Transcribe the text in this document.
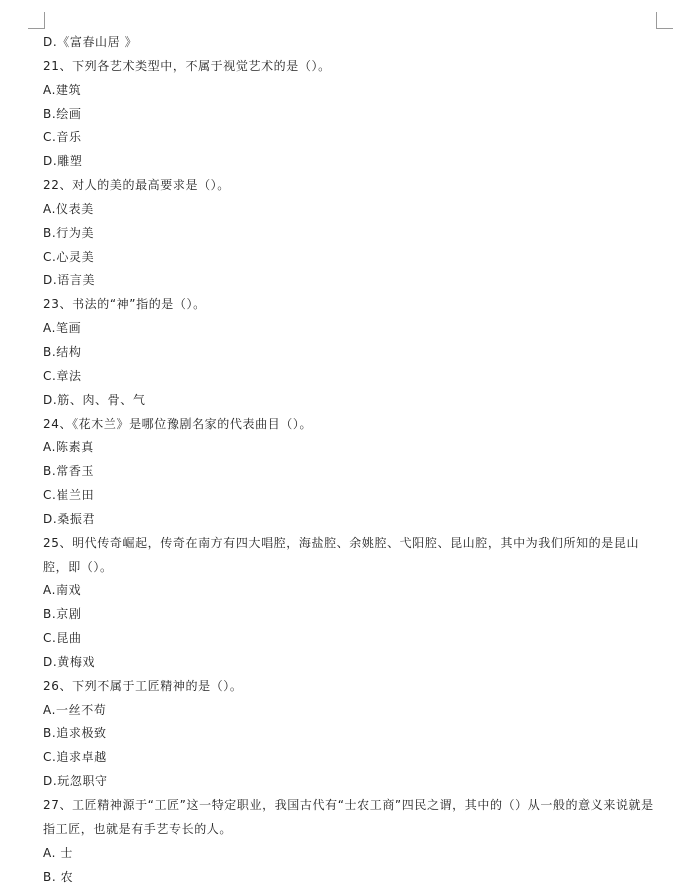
D.《富春山居 》
21、下列各艺术类型中，不属于视觉艺术的是（）。
A.建筑
B.绘画
C.音乐
D.雕塑
22、对人的美的最高要求是（）。
A.仪表美
B.行为美
C.心灵美
D.语言美
23、书法的“神”指的是（）。
A.笔画
B.结构
C.章法
D.筋、肉、骨、气
24、《花木兰》是哪位豫剧名家的代表曲目（）。
A.陈素真
B.常香玉
C.崔兰田
D.桑振君
25、明代传奇崛起，传奇在南方有四大唱腔，海盐腔、余姚腔、弋阳腔、昆山腔，其中为我们所知的是昆山腔，即（）。
A.南戏
B.京剧
C.昆曲
D.黄梅戏
26、下列不属于工匠精神的是（）。
A.一丝不苟
B.追求极致
C.追求卓越
D.玩忽职守
27、工匠精神源于“工匠”这一特定职业，我国古代有“士农工商”四民之谓，其中的（）从一般的意义来说就是指工匠，也就是有手艺专长的人。
A. 士
B. 农
